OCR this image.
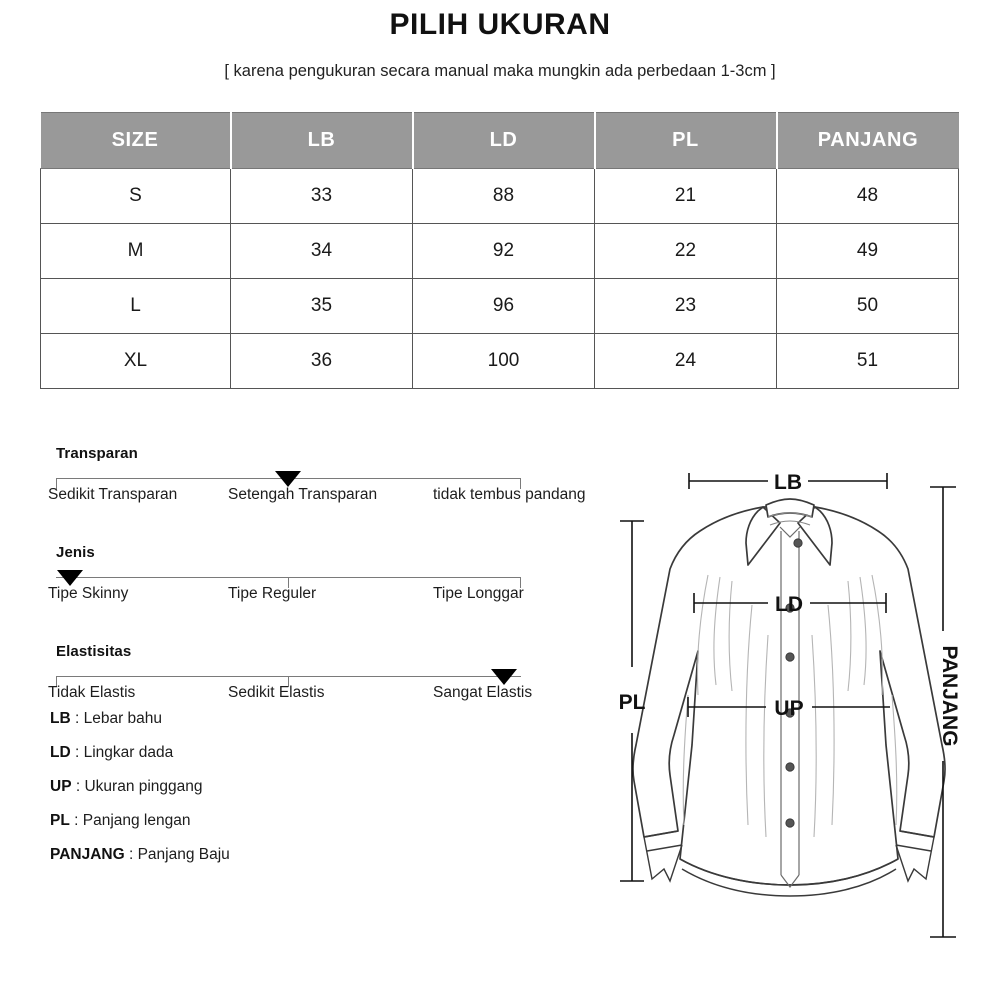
PILIH UKURAN
[ karena pengukuran secara manual maka mungkin ada perbedaan 1-3cm ]
SIZE	LB	LD	PL	PANJANG
S	33	88	21	48
M	34	92	22	49
L	35	96	23	50
XL	36	100	24	51
Transparan
Sedikit Transparan	Setengah Transparan	tidak tembus pandang
Jenis
Tipe Skinny	Tipe Reguler	Tipe Longgar
Elastisitas
Tidak Elastis	Sedikit Elastis	Sangat Elastis
LB : Lebar bahu
LD : Lingkar dada
UP : Ukuran pinggang
PL : Panjang lengan
PANJANG : Panjang Baju
LB
LD
UP
PL	PANJANG
